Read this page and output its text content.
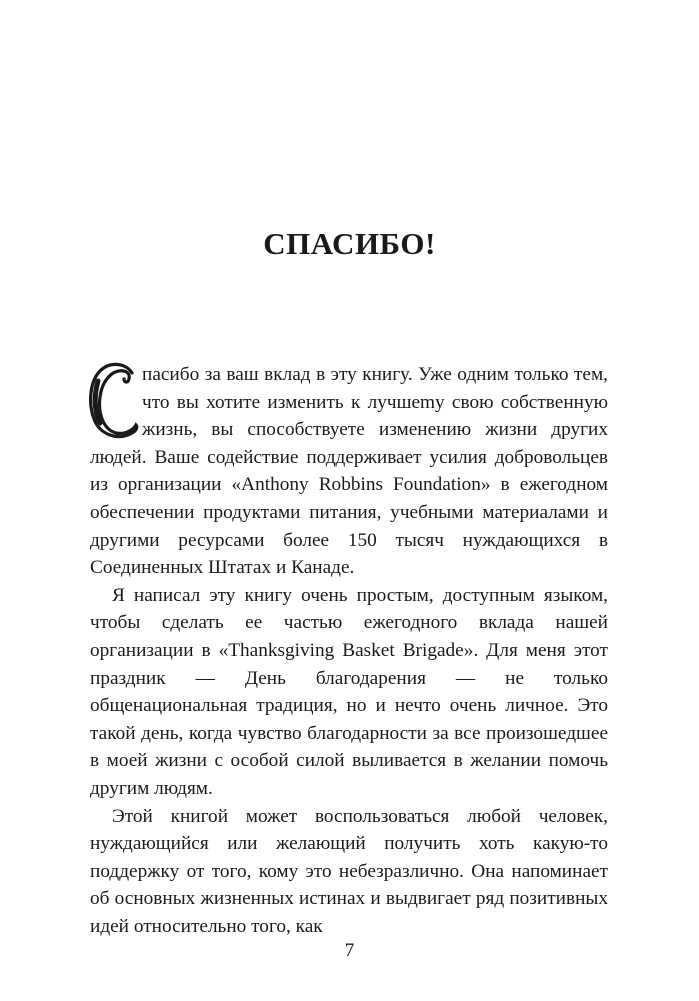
СПАСИБО!

пасибо за ваш вклад в эту книгу. Уже одним только тем, что вы хотите изменить к лучшеmу свою собственную жизнь, вы способствуете изменению жизни других людей. Ваше содействие поддерживает усилия добровольцев из организации «Anthony Robbins Foundation» в ежегодном обеспечении продуктами питания, учебными материалами и другими ресурсами более 150 тысяч нуждающихся в Соединенных Штатах и Канаде.

Я написал эту книгу очень простым, доступным языком, чтобы сделать ее частью ежегодного вклада нашей организации в «Thanksgiving Basket Brigade». Для меня этот праздник — День благодарения — не только общенациональная традиция, но и нечто очень личное. Это такой день, когда чувство благодарности за все произошедшее в моей жизни с особой силой выливается в желании помочь другим людям.

Этой книгой может воспользоваться любой человек, нуждающийся или желающий получить хоть какую-то поддержку от того, кому это небезразлично. Она напоминает об основных жизненных истинах и выдвигает ряд позитивных идей относительно того, как

7
